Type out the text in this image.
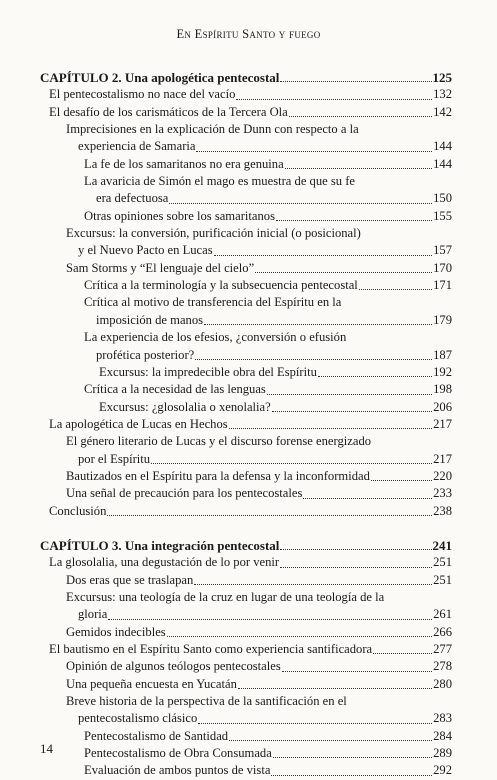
En Espíritu Santo y fuego
CAPÍTULO 2. Una apologética pentecostal	125
El pentecostalismo no nace del vacío	132
El desafío de los carismáticos de la Tercera Ola	142
Imprecisiones en la explicación de Dunn con respecto a la
experiencia de Samaria	144
La fe de los samaritanos no era genuina	144
La avaricia de Simón el mago es muestra de que su fe
era defectuosa	150
Otras opiniones sobre los samaritanos	155
Excursus: la conversión, purificación inicial (o posicional)
y el Nuevo Pacto en Lucas	157
Sam Storms y “El lenguaje del cielo”	170
Crítica a la terminología y la subsecuencia pentecostal	171
Crítica al motivo de transferencia del Espíritu en la
imposición de manos	179
La experiencia de los efesios, ¿conversión o efusión
profética posterior?	187
Excursus: la impredecible obra del Espíritu	192
Crítica a la necesidad de las lenguas	198
Excursus: ¿glosolalia o xenolalia?	206
La apologética de Lucas en Hechos	217
El género literario de Lucas y el discurso forense energizado
por el Espíritu	217
Bautizados en el Espíritu para la defensa y la inconformidad	220
Una señal de precaución para los pentecostales	233
Conclusión	238
CAPÍTULO 3. Una integración pentecostal	241
La glosolalia, una degustación de lo por venir	251
Dos eras que se traslapan	251
Excursus: una teología de la cruz en lugar de una teología de la
gloria	261
Gemidos indecibles	266
El bautismo en el Espíritu Santo como experiencia santificadora	277
Opinión de algunos teólogos pentecostales	278
Una pequeña encuesta en Yucatán	280
Breve historia de la perspectiva de la santificación en el
pentecostalismo clásico	283
Pentecostalismo de Santidad	284
Pentecostalismo de Obra Consumada	289
Evaluación de ambos puntos de vista	292
14
